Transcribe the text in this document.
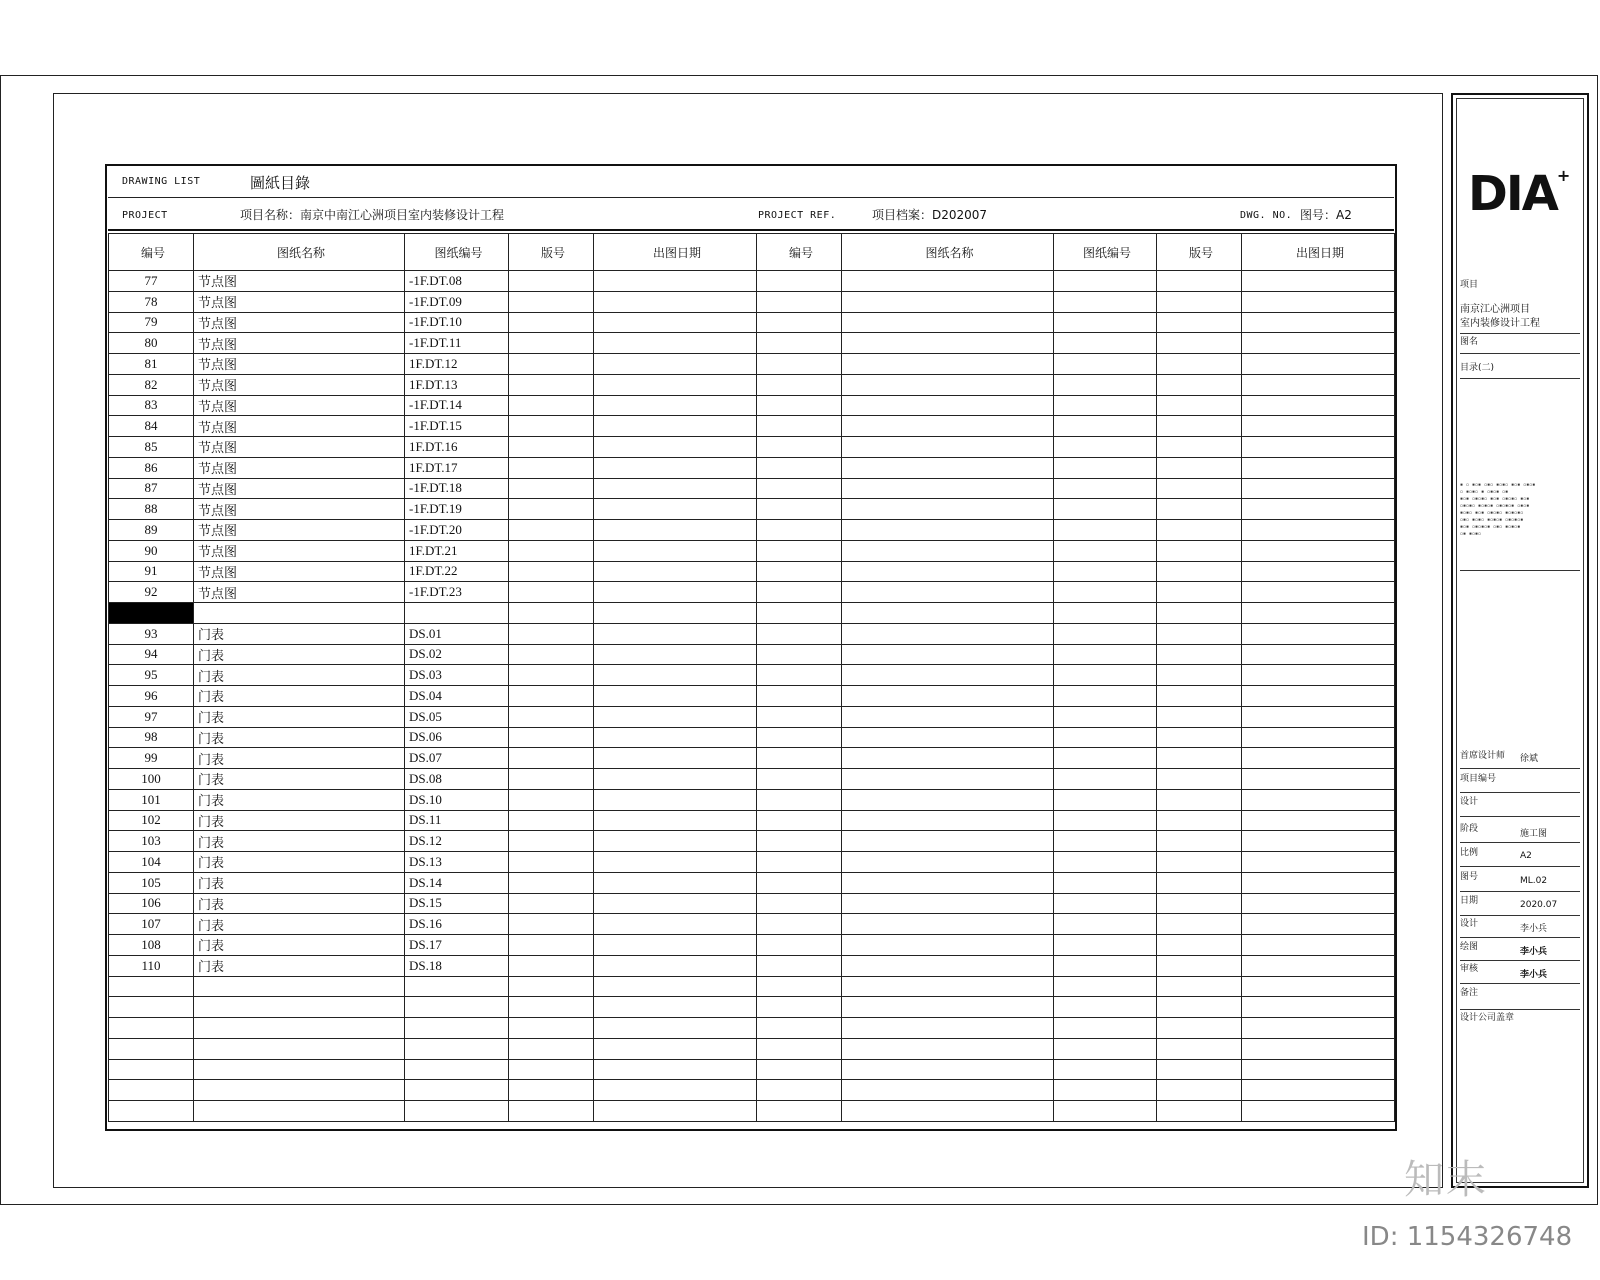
DRAWING LIST	圖紙目錄
PROJECT	项目名称：南京中南江心洲项目室内装修设计工程	PROJECT REF.	项目档案：D202007	DWG. NO. 图号：A2
编号	图纸名称	图纸编号	版号	出图日期	编号	图纸名称	图纸编号	版号	出图日期
77	节点图	-1F.DT.08							
78	节点图	-1F.DT.09							
79	节点图	-1F.DT.10							
80	节点图	-1F.DT.11							
81	节点图	1F.DT.12							
82	节点图	1F.DT.13							
83	节点图	-1F.DT.14							
84	节点图	-1F.DT.15							
85	节点图	1F.DT.16							
86	节点图	1F.DT.17							
87	节点图	-1F.DT.18							
88	节点图	-1F.DT.19							
89	节点图	-1F.DT.20							
90	节点图	1F.DT.21							
91	节点图	1F.DT.22							
92	节点图	-1F.DT.23							

93	门表	DS.01							
94	门表	DS.02							
95	门表	DS.03							
96	门表	DS.04							
97	门表	DS.05							
98	门表	DS.06							
99	门表	DS.07							
100	门表	DS.08							
101	门表	DS.10							
102	门表	DS.11							
103	门表	DS.12							
104	门表	DS.13							
105	门表	DS.14							
106	门表	DS.15							
107	门表	DS.16							
108	门表	DS.17							
110	门表	DS.18							

DIA+
项目
南京江心洲项目
室内装修设计工程
图名
目录(二)
▪ ▫ ▪▫▪ ▫▪▫ ▪▫▪▫ ▪▫▪ ▫▪▫▪
▫ ▪▫▪▫ ▪ ▫▪▫▪ ▫▪
▪▫▪ ▫▪▫▪▫ ▪▫▪ ▫▪▫▪▫ ▪▫▪
▫▪▫▪▫ ▪▫▪▫▪ ▫▪▫▪▫▪ ▫▪▫▪
▪▫▪▫ ▪▫▪ ▫▪▫▪▫ ▪▫▪▫▪▫
▫▪▫ ▪▫▪▫ ▪▫▪▫▪ ▫▪▫▪▫▪
▪▫▪ ▫▪▫▪▫▪ ▫▪▫ ▪▫▪▫▪
▫▪ ▪▫▪▫
首席设计师 徐斌
项目编号
设计
阶段	施工图
比例	A2
图号	ML.02
日期	2020.07
设计	李小兵
绘图	李小兵
审核
李小兵
备注
设计公司盖章
知末
ID: 1154326748
